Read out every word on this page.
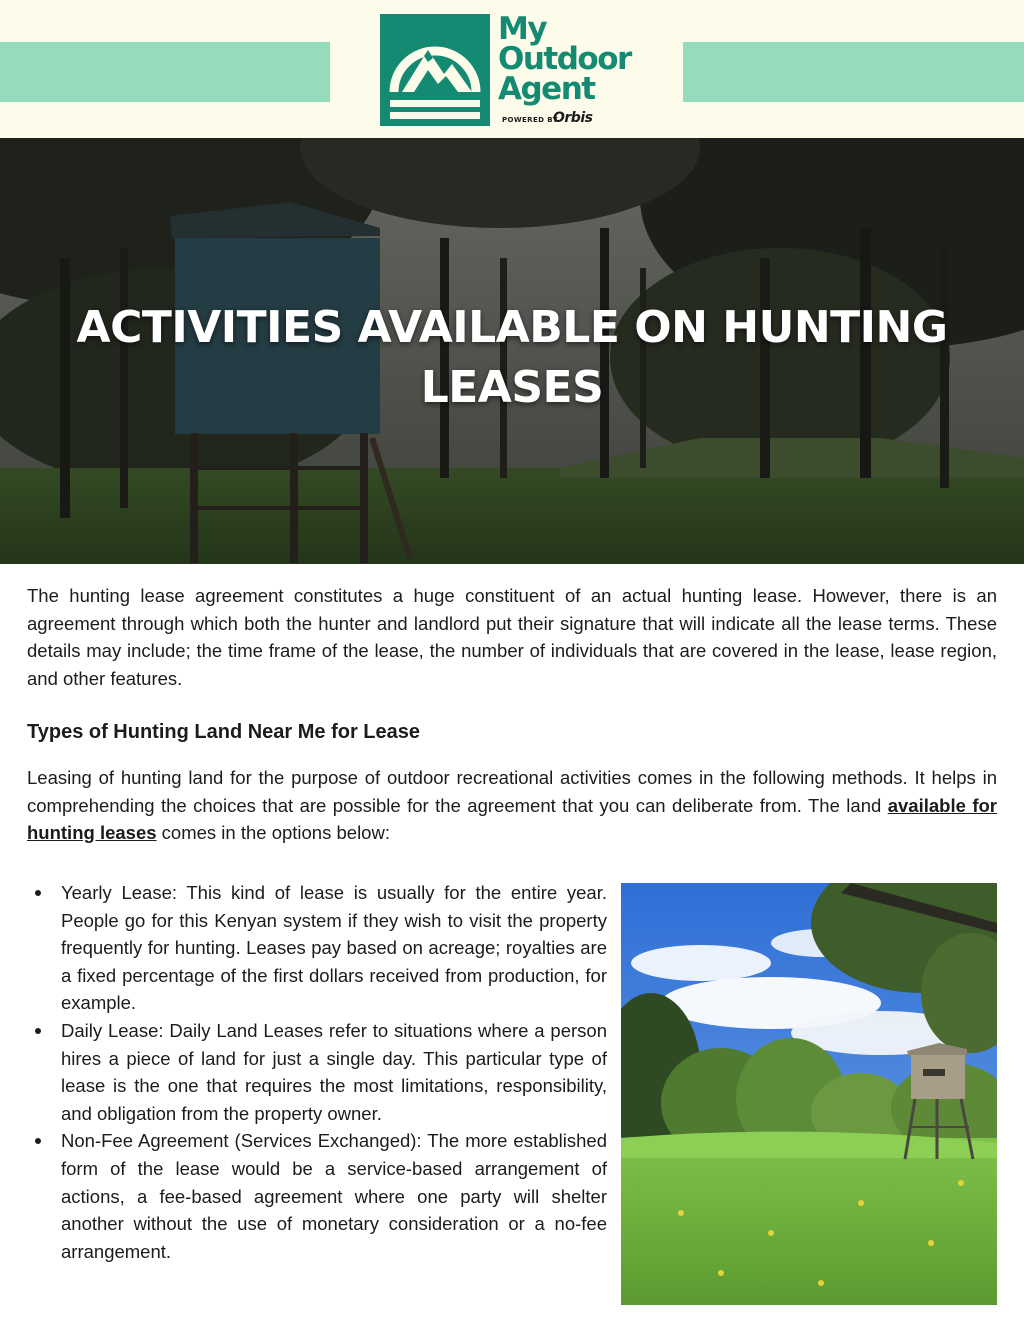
My
Outdoor
Agent
POWERED BY
Orbis
ACTIVITIES AVAILABLE ON HUNTING LEASES

The hunting lease agreement constitutes a huge constituent of an actual hunting lease. However, there is an agreement through which both the hunter and landlord put their signature that will indicate all the lease terms. These details may include; the time frame of the lease, the number of individuals that are covered in the lease, lease region, and other features.

Types of Hunting Land Near Me for Lease

Leasing of hunting land for the purpose of outdoor recreational activities comes in the following methods. It helps in comprehending the choices that are possible for the agreement that you can deliberate from. The land available for hunting leases comes in the options below:

Yearly Lease: This kind of lease is usually for the entire year. People go for this Kenyan system if they wish to visit the property frequently for hunting. Leases pay based on acreage; royalties are a fixed percentage of the first dollars received from production, for example.
Daily Lease: Daily Land Leases refer to situations where a person hires a piece of land for just a single day. This particular type of lease is the one that requires the most limitations, responsibility, and obligation from the property owner.
Non-Fee Agreement (Services Exchanged): The more established form of the lease would be a service-based arrangement of actions, a fee-based agreement where one party will shelter another without the use of monetary consideration or a no-fee arrangement.
